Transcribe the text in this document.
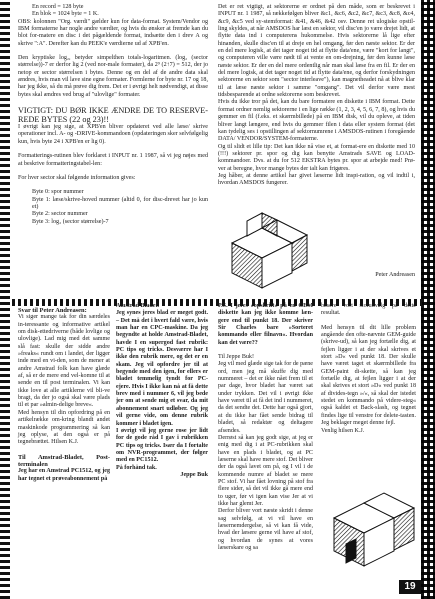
En record = 128 byte
En blok = 1024 byte = 1 K.

OBS: kolonnen "Org. værdi" gælder kun for data-format. System/Vendor og IBM formaterne har nogle andre værdier, og hvis du ønsker at fremde kan du blot for-matere en disc i det pågældende format, indsætte den i drev A og skrive ":A". Derefter kan du PEEK'e værdierne ud af XPB'en.

Den kryptiske log₂, betyder simpelthen totals-logaritmen. (log₂ (sector størrelse))-7 er derfor lig 2 (ved nor-male formater), da 2⁹ (2↑7) = 512, der jo netop er sector størrelsen i bytes. Denne og en del af de andre data skal ændres, hvis man vil lave sine egne formater. Formlerne for byte nr. 17 og 18, har jeg ikke, så du må prøve dig frem. Det er i øvrigt helt nødvendigt, at disse bytes skal ændres ved brug af "ulovlige" formater.

VIGTIGT: DU BØR IKKE ÆNDRE DE TO RESERVE-REDE BYTES (22 og 23)!!

I øvrigt kan jeg sige, at XPB'en bliver opdateret ved alle læse/ skrive operationer incl. A- og -DRIVE-kommandoen (opdateringen sker selvfølgelig kun, hvis byte 24 i XPB'en er lig 0).

Formatterings-rutinen blev forklaret i INPUT nr. 1 1987, så vi jeg nøjes med at beskrive formatteringstabel-len:

For hver sector skal følgende information gives:

Byte 0: spor nummer
Byte 1: læse/skrive-hoved nummer (altid 0, for disc-drevet har jo kun et)
Byte 2: sector nummer
Byte 3: log₂ (sector størrelse)-7

Det er ret vigtigt, at sektorerne er ordnet på den måde, som er beskrevet i INPUT nr. 1 1987, så rækkefølgen bliver &c1, &c6, &c2, &c7, &c3, &c8, &c4, &c9, &c5 ved sy-stemformat: &41, &46, &42 osv. Denne ret ulogiske opstil-ling skyldes, at når AMSDOS har læst en sektor, vil disc'en jo være drejet lidt, at flytte data ind i computerens hukommelse. Hvis sektorerne lå lige efter hinanden, skulle disc'en til at dreje en hel omgang, før den næste sektor. Er der en del mere logisk, at det tager noget tid at flytte data'ene, være "kort for langt", og computeren ville være nødt til at vente en om-drejning, før den kunne læse næste sektor. Er der en del mere ordentlig når man skal læse fra en fil. Er der en del mere logisk, at det tager noget tid at flytte data'ene, og derfor forskydningen sektorerne en sektor som "sector interleave"), kan magnetheadet nå at blive klar til at læse næste sektor i samme "omgang". Det vil derfor være mest tidsbesparende at ordne sektorerne som beskrevet.

Hvis du ikke tror på det, kan du bare formatere en diskette i IBM format. Dette format ordner nemlig sektorerne i en lige række (1, 2, 3, 4, 5, 6, 7, 8), og hvis du gemmer en fil (f.eks. et skærmbillede) på en IBM disk, vil du opleve, at tiden bliver langt længere, end hvis du gemmer filen i data eller system format (det kan tydelig ses i opstillingen af sektornumrene i AMSDOS-rutinen i foregående DATA/ VENDOR/SYSTEM-formaterne.

Og til slidt et lille tip: Det kan ikke nå vise et, at format-ere en diskette med 10 (!!!) sektorer pr. spor og dig kan benytte Amstrads SAVE og LOAD-kommandoer. Dvs. at du for 512 EKSTRA bytes pr. spor at arbejde med! Prø-ver at beregne, hvor mange bytes der ialt kan frigøres.

Jeg håber, at denne artikel har givet læserne lidt inspi-ration, og vil indtil i, hvordan AMSDOS fungerer.

Peter Andreasen

Svar til Peter Andreasen:

Vi siger mange tak for din særdeles in-teressante og informative artikel om disk-ettedriverne (både lovlige og ulovlige). Lad mig med det samme slå fast: skulle der sidde andre »freaks« rundt om i landet, der ligger inde med en vi-den, som de mener at andre Amstrad folk kan have glæde af, så er de mere end vel-komne til at sende en til post terminalen. Vi kan ikke love at alle artiklerne vil bli-ve bragt, da der jo også skal være plads til et par »almin-delige breve«.

Med hensyn til din opfordring på en artikelrække om-kring blandt andet maskinkode programmering så kan jeg oplyse, at den også er på tegnebrættet. Hilsen K.J.

Til Amstrad-Bladet, Post-terminalen

Jeg har en Amstrad PC1512, og jeg har tegnet et prøveabonnement på

Amstrad Bladet.

Jeg synes jeres blad er meget godt. – Det må det i hvert fald være, hvis man har en CPC-maskine. Da jeg begyndte at holde Amstrad-Bladet, havde I en supergod fast rubrik: PC tips og tricks. Desværre har I ikke den rubrik mere, og det er en skam. Jeg vil opfordre jer til at begynde med den igen, for ellers er bladet temmelig tyndt for PC-ejere. Hvis I ikke kan nå at få dette brev med i nummer 6, vil jeg bede jer om at sende mig et svar, da mit abonnement snart udløber. Og jeg vil gerne vide, om denne rubrik kommer i bladet igen.

I øvrigt vil jeg gerne rose jer lidt for de gode råd I gav i rubrikken PC tips og tricks. Især da I fortalte om NVR-programmet, der følger med en PC1512.

På forhånd tak.

Jeppe Buk

P.S. I jeres »opskrift« på en GEM diskette kan jeg ikke komme læn-gere end til punkt 18. Der skriver Sir Charles bare »Sorteret kommando eller filnavn«. Hvordan kan det være??

Til Jeppe Buk!

Jeg vil med glæde sige tak for de pæne ord, men jeg må skuffe dig med nummeret – det er ikke nået frem til et par dage, hvor bladet har været sat under trykken. Det vil i øvrigt ikke have været til at få det ind i nummeret, da det sendte det. Dette har også gjort, at du ikke har fået sende bidrag til bladet, så redaktør og deltagere afsendes.

Derrøst så kan jeg godt sige, at jeg er enig med dig i at PC-rubrikken skal have en plads i bladet, og at PC læserne skal have mere stof. Det bliver der da også lavet om på, og I vil i de kommende numre af bladet se mere PC stof. Vi har fået lovning på stof fra flere sider, så det vil ikke gå mere end to uger, før vi igen kan vise Jer at vi ikke har glemt Jer.

Derfor bliver vort næste skridt i denne sag selvfølg, at vi vil have en læsernemdergelse, så vi kan få vide, hvad der læsere gerne vil have af stof, og hvordan de synes at vores læserskare og sa

basere vort stofudvalg på dette resultat.

Med hensyn til dit lille problem angående den ofte-nævnte GEM-guide (skrive-ud), så kan jeg fortælle dig, at fejlen ligger i at der skal skrives et stort »D« ved punkt 18. Der skulle have været taget et skærmbillede fra GEM-paint di-skette, så kan jeg fortælle dig, at fejlen ligger i at der skal skrives et stort »D« ved punkt 18 af divides-tegn »/«, så skal der istedet stedet en kommando på videre-steg« også kaldet et Back-slash, og tegnet findes lige til venstre for delete-tasten. Jeg beklager meget denne fejl.

Venlig hilsen K.J.

19
